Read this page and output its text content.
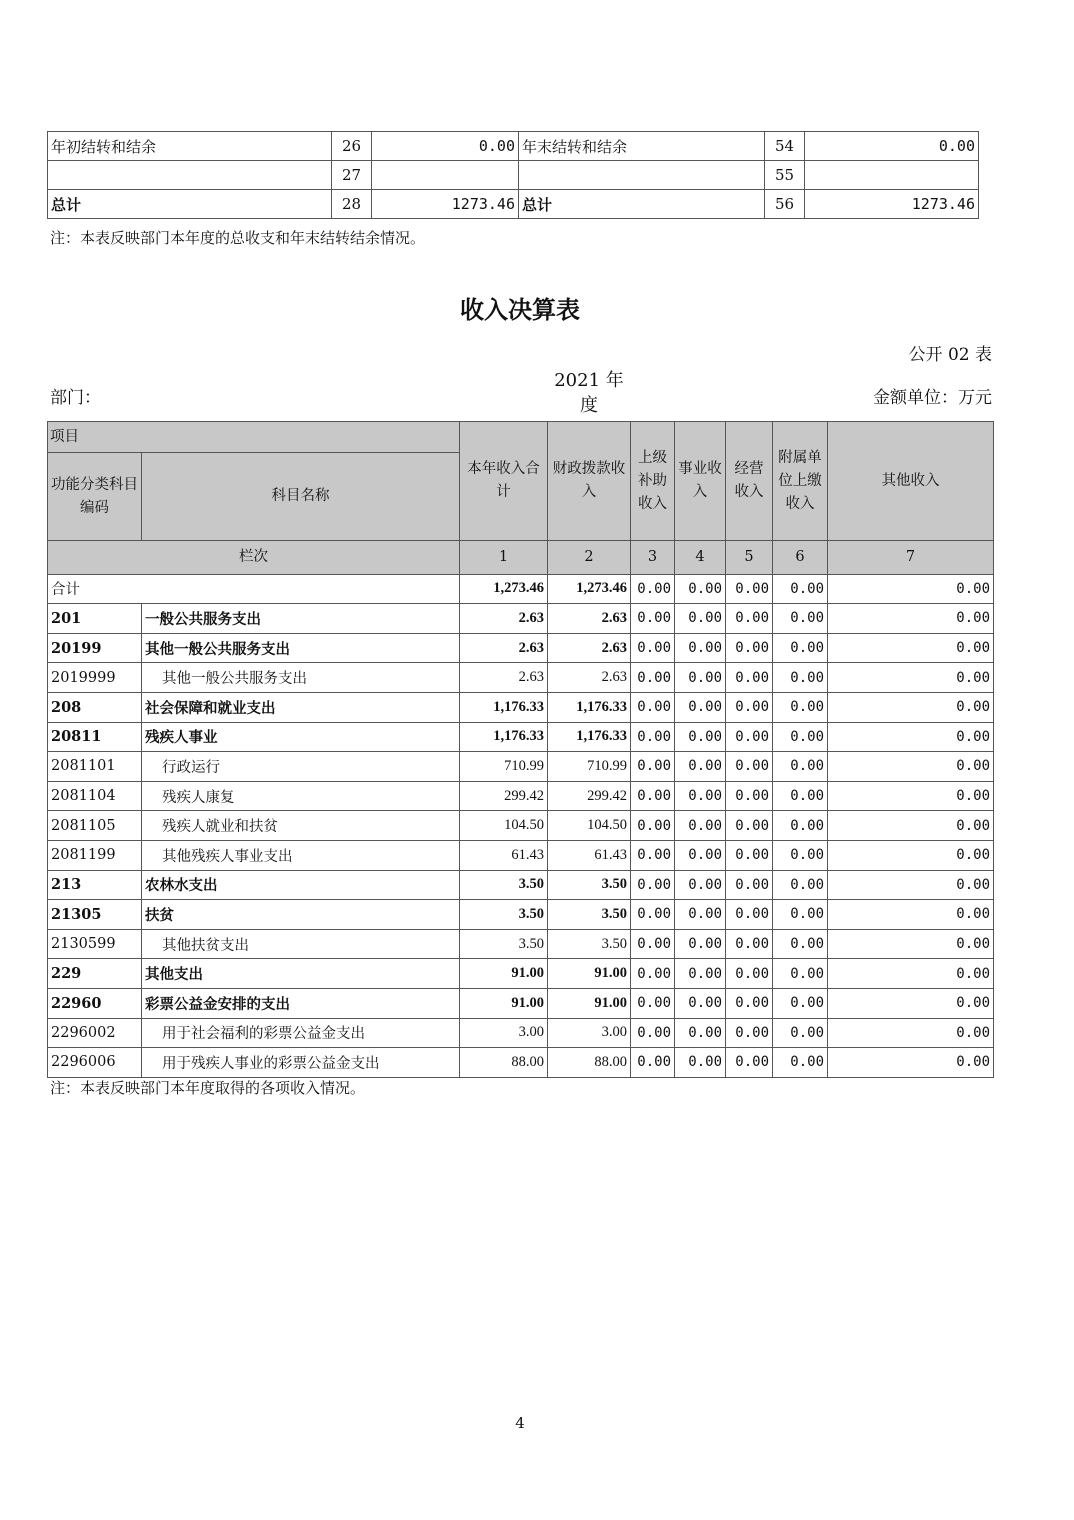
年初结转和结余	26	0.00	年末结转和结余	54	0.00
	27			55	
总计	28	1273.46	总计	56	1273.46
注：本表反映部门本年度的总收支和年末结转结余情况。
收入决算表
公开 02 表
部门：
2021 年
度	金额单位：万元
项目		本年收入合计	财政拨款收入	上级补助收入	事业收入	经营收入	附属单位上缴收入	其他收入
功能分类科目编码	科目名称							
栏次		1	2	3	4	5	6	7
合计		1,273.46	1,273.46	0.00	0.00	0.00	0.00	0.00
201	一般公共服务支出	2.63	2.63	0.00	0.00	0.00	0.00	0.00
20199	其他一般公共服务支出	2.63	2.63	0.00	0.00	0.00	0.00	0.00
2019999	其他一般公共服务支出	2.63	2.63	0.00	0.00	0.00	0.00	0.00
208	社会保障和就业支出	1,176.33	1,176.33	0.00	0.00	0.00	0.00	0.00
20811	残疾人事业	1,176.33	1,176.33	0.00	0.00	0.00	0.00	0.00
2081101	行政运行	710.99	710.99	0.00	0.00	0.00	0.00	0.00
2081104	残疾人康复	299.42	299.42	0.00	0.00	0.00	0.00	0.00
2081105	残疾人就业和扶贫	104.50	104.50	0.00	0.00	0.00	0.00	0.00
2081199	其他残疾人事业支出	61.43	61.43	0.00	0.00	0.00	0.00	0.00
213	农林水支出	3.50	3.50	0.00	0.00	0.00	0.00	0.00
21305	扶贫	3.50	3.50	0.00	0.00	0.00	0.00	0.00
2130599	其他扶贫支出	3.50	3.50	0.00	0.00	0.00	0.00	0.00
229	其他支出	91.00	91.00	0.00	0.00	0.00	0.00	0.00
22960	彩票公益金安排的支出	91.00	91.00	0.00	0.00	0.00	0.00	0.00
2296002	用于社会福利的彩票公益金支出	3.00	3.00	0.00	0.00	0.00	0.00	0.00
2296006	用于残疾人事业的彩票公益金支出	88.00	88.00	0.00	0.00	0.00	0.00	0.00
注：本表反映部门本年度取得的各项收入情况。
4
